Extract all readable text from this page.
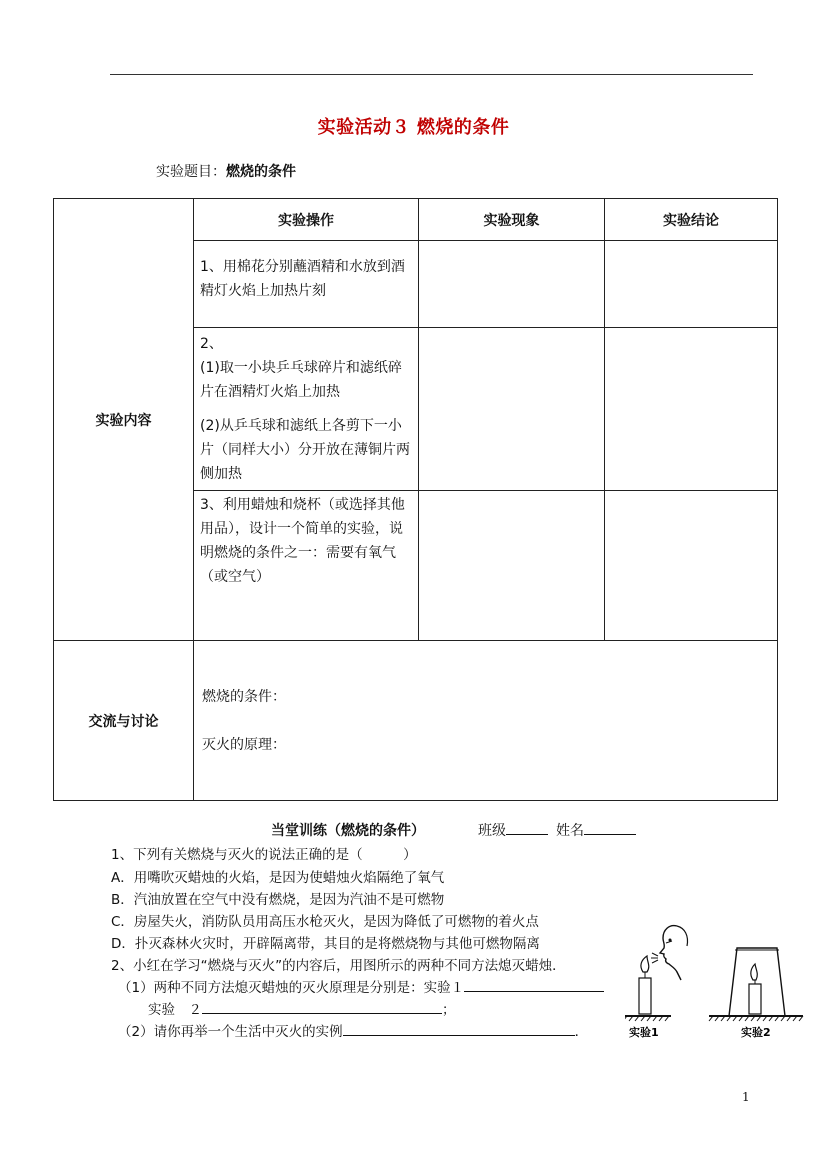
实验活动３ 燃烧的条件
实验题目：燃烧的条件
实验内容	实验操作	实验现象	实验结论
	1、用棉花分别蘸酒精和水放到酒精灯火焰上加热片刻		

	2、
(1)取一小块乒乓球碎片和滤纸碎片在酒精灯火焰上加热
(2)从乒乓球和滤纸上各剪下一小片（同样大小）分开放在薄铜片两侧加热		

	3、利用蜡烛和烧杯（或选择其他用品），设计一个简单的实验，说明燃烧的条件之一：需要有氧气（或空气）		
交流与讨论	燃烧的条件：
灭火的原理：		
当堂训练（燃烧的条件）	班级	姓名
1、下列有关燃烧与灭火的说法正确的是（　　　）
A．用嘴吹灭蜡烛的火焰，是因为使蜡烛火焰隔绝了氧气
B．汽油放置在空气中没有燃烧，是因为汽油不是可燃物
C．房屋失火，消防队员用高压水枪灭火，是因为降低了可燃物的着火点
D．扑灭森林火灾时，开辟隔离带，其目的是将燃烧物与其他可燃物隔离
2、小红在学习“燃烧与灭火”的内容后，用图所示的两种不同方法熄灭蜡烛．
（1）两种不同方法熄灭蜡烛的灭火原理是分别是：实验１
实验　２	；
（2）请你再举一个生活中灭火的实例	．	实验1	实验2
1
